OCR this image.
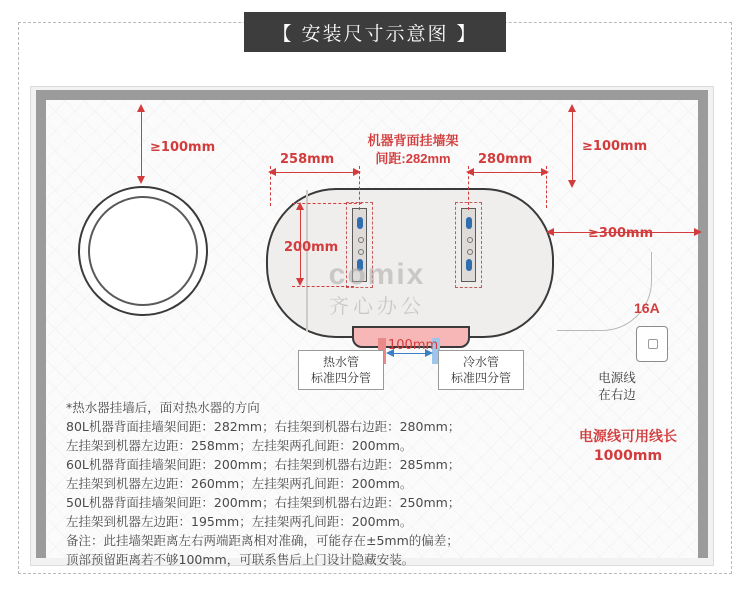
【 安装尺寸示意图 】
comix
齐心办公
≥100mm	≥100mm
≥300mm
机器背面挂墙架
间距:282mm
258mm	280mm
200mm
100mm
热水管
标准四分管
冷水管
标准四分管
16A
电源线
在右边
电源线可用线长
1000mm
*热水器挂墙后，面对热水器的方向
80L机器背面挂墙架间距：282mm；右挂架到机器右边距：280mm；
左挂架到机器左边距：258mm；左挂架两孔间距：200mm。
60L机器背面挂墙架间距：200mm；右挂架到机器右边距：285mm；
左挂架到机器左边距：260mm；左挂架两孔间距：200mm。
50L机器背面挂墙架间距：200mm；右挂架到机器右边距：250mm；
左挂架到机器左边距：195mm；左挂架两孔间距：200mm。
备注：此挂墙架距离左右两端距离相对准确，可能存在±5mm的偏差；
顶部预留距离若不够100mm，可联系售后上门设计隐藏安装。
